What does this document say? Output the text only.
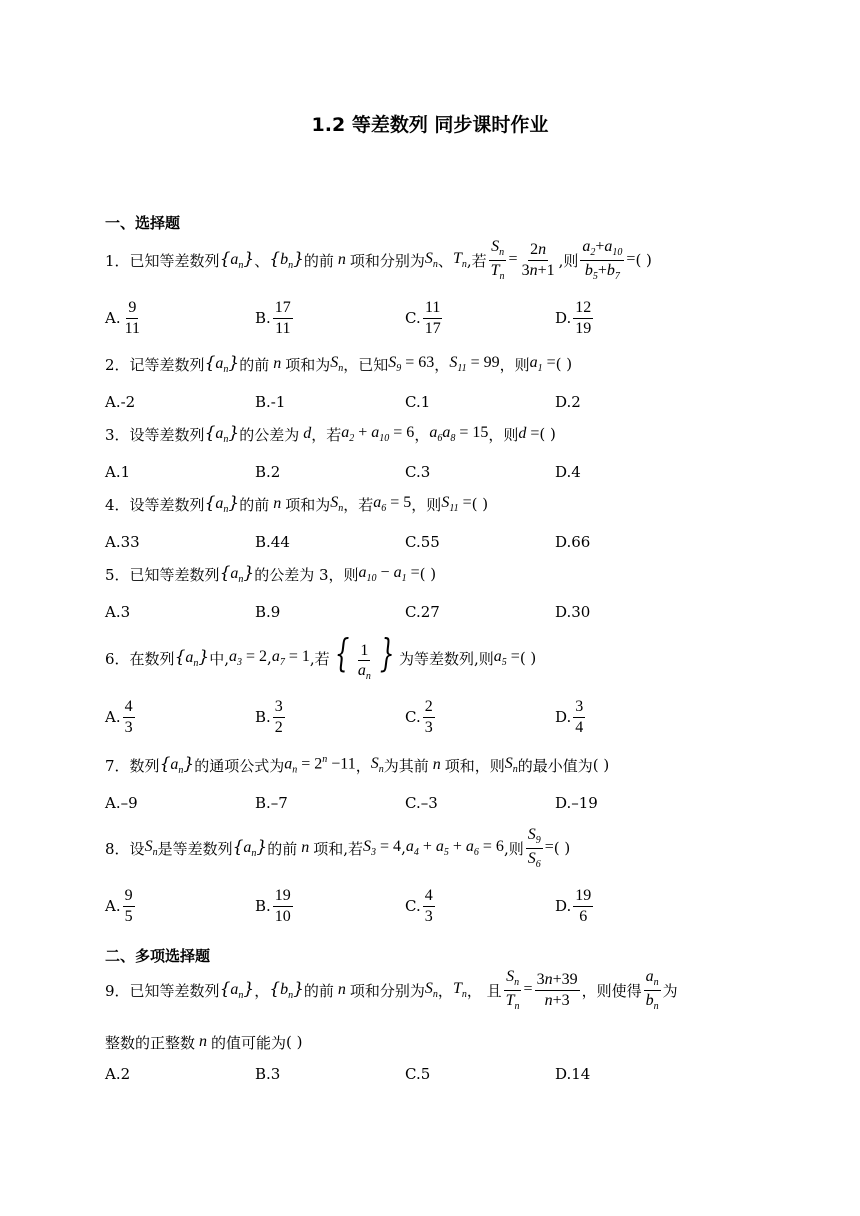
1.2 等差数列 同步课时作业
一、选择题
1． 已知等差数列 $\{a_n\}$ 、 $\{b_n\}$ 的前 n 项和分别为 $S_n$ 、 $T_n$ ,若 $\frac{S_n}{T_n} = \frac{2n}{3n+1}$ ,则 $\frac{a_2+a_{10}}{b_5+b_7}$ = ( )
A. $\frac{9}{11}$	B. $\frac{17}{11}$	C. $\frac{11}{17}$	D. $\frac{12}{19}$
2． 记等差数列 $\{a_n\}$ 的前 n 项和为 $S_n$ ，已知 $S_9 = 63$ ， $S_{11} = 99$ ，则 $a_1$ = ( )
A.-2	B.-1	C.1	D.2
3． 设等差数列 $\{a_n\}$ 的公差为 d ，若 $a_2 + a_{10} = 6$ ， $a_6a_8 = 15$ ，则 d = ( )
A.1	B.2	C.3	D.4
4． 设等差数列 $\{a_n\}$ 的前 n 项和为 $S_n$ ，若 $a_6 = 5$ ，则 $S_{11}$ = ( )
A.33	B.44	C.55	D.66
5． 已知等差数列 $\{a_n\}$ 的公差为 3，则 $a_{10} - a_1$ = ( )
A.3	B.9	C.27	D.30
6． 在数列 $\{a_n\}$ 中, $a_3 = 2$ , $a_7 = 1$ ,若 { $\frac{1}{a_n}$ } 为等差数列,则 $a_5$ = ( )
A. $\frac{4}{3}$	B. $\frac{3}{2}$	C. $\frac{2}{3}$	D. $\frac{3}{4}$
7． 数列 $\{a_n\}$ 的通项公式为 $a_n = 2^n -11$ ， $S_n$ 为其前 n 项和，则 $S_n$ 的最小值为 ( )
A.–9	B.–7	C.–3	D.–19
8． 设 $S_n$ 是等差数列 $\{a_n\}$ 的前 n 项和,若 $S_3 = 4$ , $a_4 + a_5 + a_6 = 6$ ,则 $\frac{S_9}{S_6}$ = ( )
A. $\frac{9}{5}$	B. $\frac{19}{10}$	C. $\frac{4}{3}$	D. $\frac{19}{6}$
二、多项选择题
9． 已知等差数列 $\{a_n\}$ ， $\{b_n\}$ 的前 n 项和分别为 $S_n$ ， $T_n$ ， 且 $\frac{S_n}{T_n} = \frac{3n+39}{n+3}$ ，则使得 $\frac{a_n}{b_n}$ 为
整数的正整数 n 的值可能为 ( )
A.2	B.3	C.5	D.14
